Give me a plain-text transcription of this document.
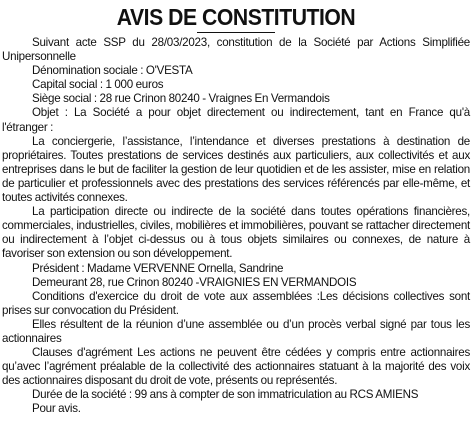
AVIS DE CONSTITUTION

Suivant acte SSP du 28/03/2023, constitution de la Société par Actions Simplifiée Unipersonnelle

Dénomination sociale : O'VESTA

Capital social : 1 000 euros

Siège social : 28 rue Crinon 80240 - Vraignes En Vermandois

Objet : La Société a pour objet directement ou indirectement, tant en France qu'à l'étranger :

La conciergerie, l’assistance, l’intendance et diverses prestations à destination de propriétaires. Toutes prestations de services destinés aux particuliers, aux collectivités et aux entreprises dans le but de faciliter la gestion de leur quotidien et de les assister, mise en relation de particulier et professionnels avec des prestations des services référencés par elle-même, et toutes activités connexes.

La participation directe ou indirecte de la société dans toutes opérations financières, commerciales, industrielles, civiles, mobilières et immobilières, pouvant se rattacher directement ou indirectement à l’objet ci-dessus ou à tous objets similaires ou connexes, de nature à favoriser son extension ou son développement.

Président : Madame VERVENNE Ornella, Sandrine

Demeurant 28, rue Crinon 80240 -VRAIGNIES EN VERMANDOIS

Conditions d'exercice du droit de vote aux assemblées :Les décisions collectives sont prises sur convocation du Président.

Elles résultent de la réunion d’une assemblée ou d’un procès verbal signé par tous les actionnaires

Clauses d'agrément Les actions ne peuvent être cédées y compris entre actionnaires qu’avec l’agrément préalable de la collectivité des actionnaires statuant à la majorité des voix des actionnaires disposant du droit de vote, présents ou représentés.

Durée de la société : 99 ans à compter de son immatriculation au RCS AMIENS

Pour avis.
